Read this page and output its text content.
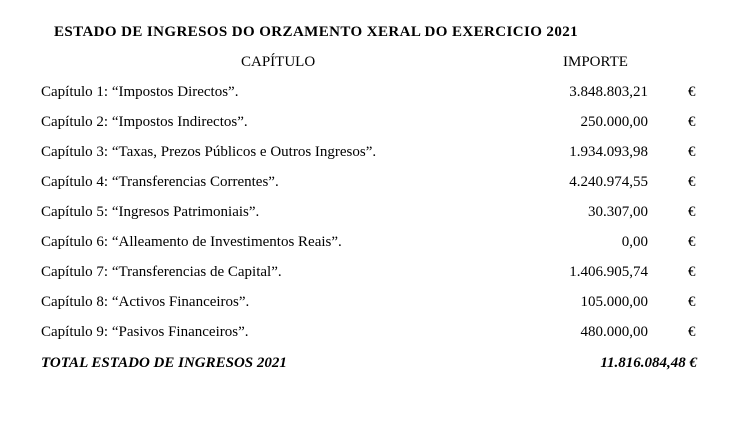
ESTADO DE INGRESOS DO ORZAMENTO XERAL DO EXERCICIO 2021
CAPÍTULO	IMPORTE
Capítulo 1: “Impostos Directos”.	3.848.803,21	€
Capítulo 2: “Impostos Indirectos”.	250.000,00	€
Capítulo 3: “Taxas, Prezos Públicos e Outros Ingresos”.	1.934.093,98	€
Capítulo 4: “Transferencias Correntes”.	4.240.974,55	€
Capítulo 5: “Ingresos Patrimoniais”.	30.307,00	€
Capítulo 6: “Alleamento de Investimentos Reais”.	0,00	€
Capítulo 7: “Transferencias de Capital”.	1.406.905,74	€
Capítulo 8: “Activos Financeiros”.	105.000,00	€
Capítulo 9: “Pasivos Financeiros”.	480.000,00	€
TOTAL ESTADO DE INGRESOS 2021	11.816.084,48 €
